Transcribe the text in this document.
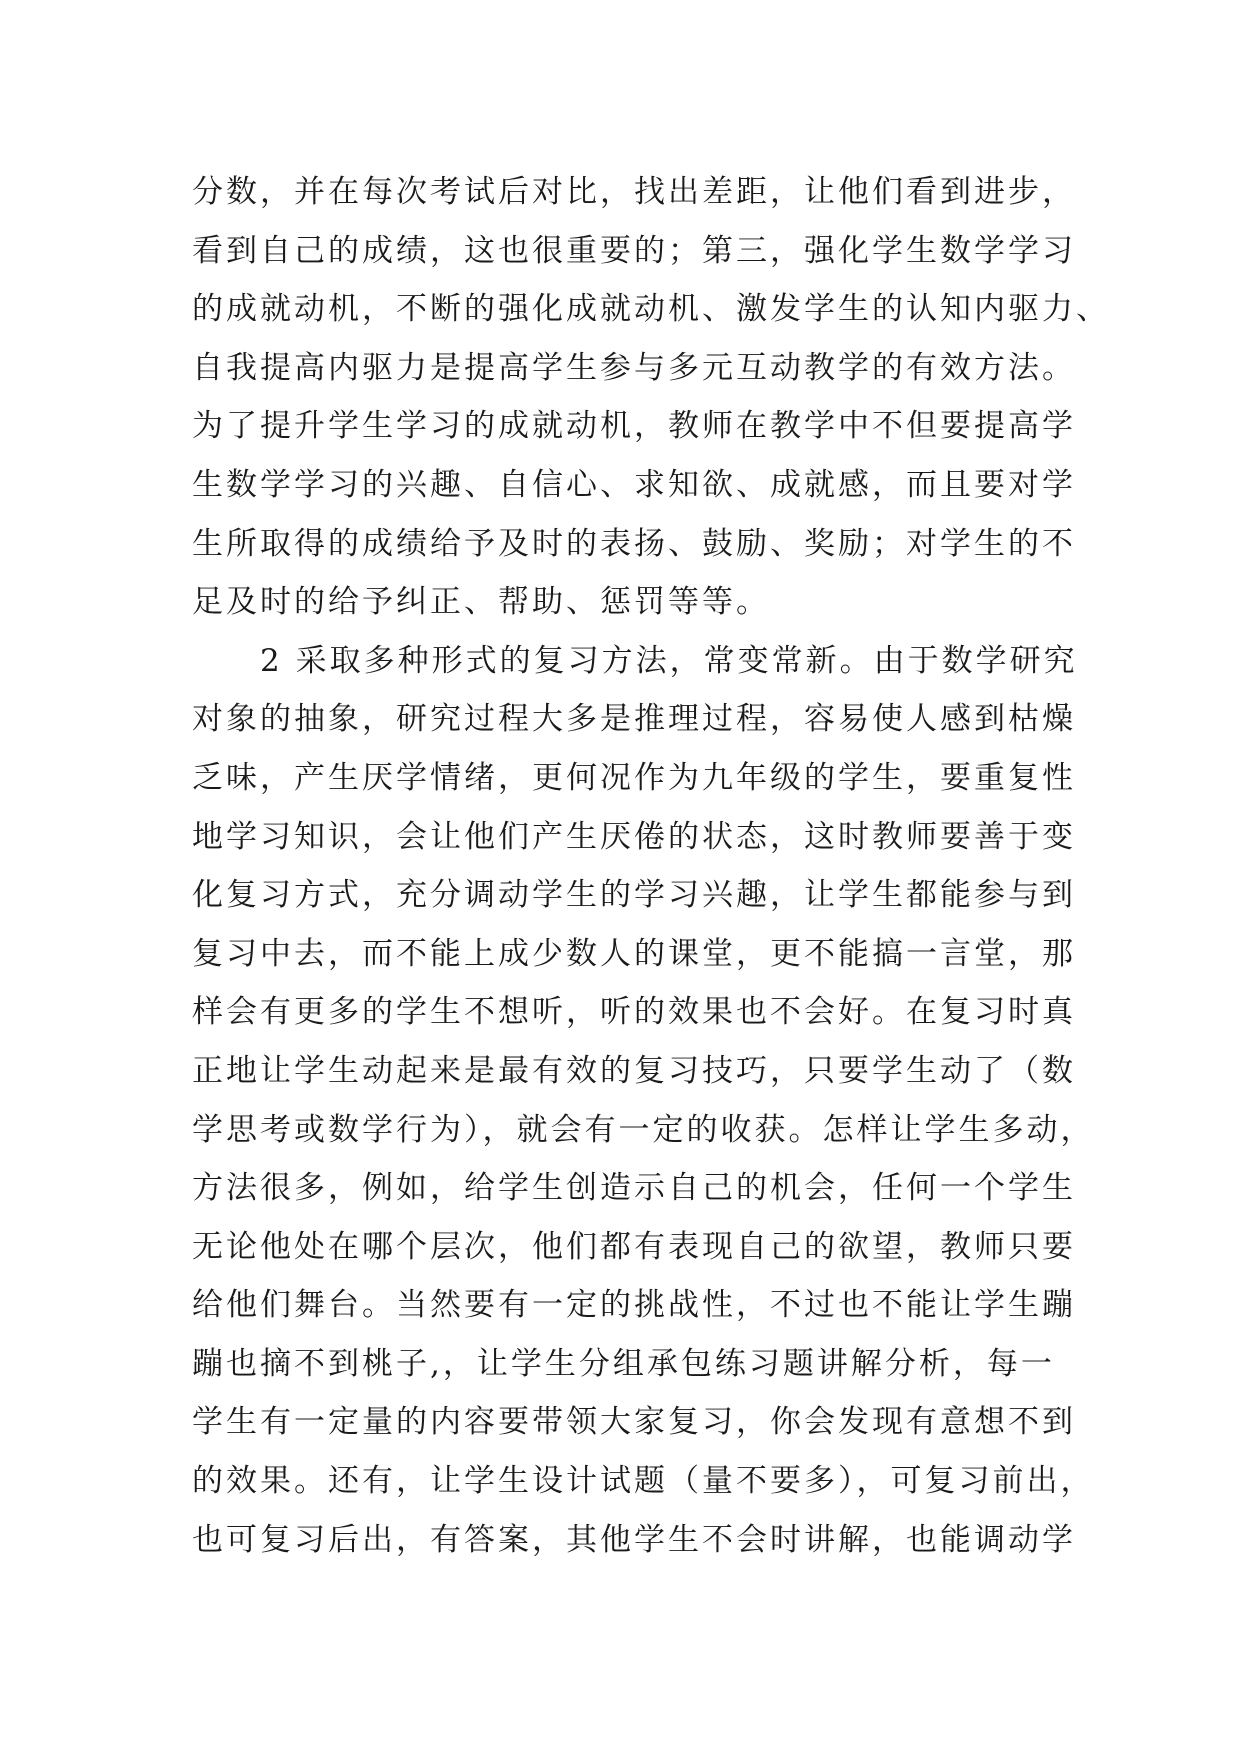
分数，并在每次考试后对比，找出差距，让他们看到进步，
看到自己的成绩，这也很重要的；第三，强化学生数学学习
的成就动机，不断的强化成就动机、激发学生的认知内驱力、
自我提高内驱力是提高学生参与多元互动教学的有效方法。
为了提升学生学习的成就动机，教师在教学中不但要提高学
生数学学习的兴趣、自信心、求知欲、成就感，而且要对学
生所取得的成绩给予及时的表扬、鼓励、奖励；对学生的不
足及时的给予纠正、帮助、惩罚等等。
　　2 采取多种形式的复习方法，常变常新。由于数学研究
对象的抽象，研究过程大多是推理过程，容易使人感到枯燥
乏味，产生厌学情绪，更何况作为九年级的学生，要重复性
地学习知识，会让他们产生厌倦的状态，这时教师要善于变
化复习方式，充分调动学生的学习兴趣，让学生都能参与到
复习中去，而不能上成少数人的课堂，更不能搞一言堂，那
样会有更多的学生不想听，听的效果也不会好。在复习时真
正地让学生动起来是最有效的复习技巧，只要学生动了（数
学思考或数学行为），就会有一定的收获。怎样让学生多动，
方法很多，例如，给学生创造示自己的机会，任何一个学生
无论他处在哪个层次，他们都有表现自己的欲望，教师只要
给他们舞台。当然要有一定的挑战性，不过也不能让学生蹦
蹦也摘不到桃子,，让学生分组承包练习题讲解分析，每一
学生有一定量的内容要带领大家复习，你会发现有意想不到
的效果。还有，让学生设计试题（量不要多），可复习前出，
也可复习后出，有答案，其他学生不会时讲解，也能调动学
